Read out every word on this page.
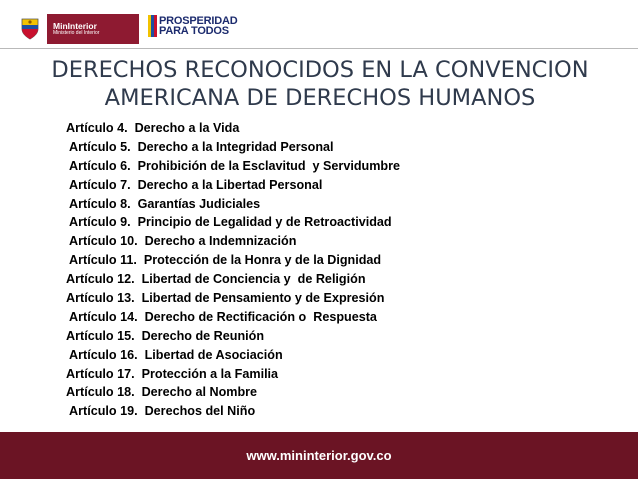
MinInterior
Ministerio del Interior
PROSPERIDAD
PARA TODOS
DERECHOS RECONOCIDOS EN LA CONVENCION
AMERICANA DE DERECHOS HUMANOS
Artículo 4.  Derecho a la Vida
Artículo 5.  Derecho a la Integridad Personal
Artículo 6.  Prohibición de la Esclavitud  y Servidumbre
Artículo 7.  Derecho a la Libertad Personal
Artículo 8.  Garantías Judiciales
Artículo 9.  Principio de Legalidad y de Retroactividad
Artículo 10.  Derecho a Indemnización
Artículo 11.  Protección de la Honra y de la Dignidad
Artículo 12.  Libertad de Conciencia y  de Religión
Artículo 13.  Libertad de Pensamiento y de Expresión
Artículo 14.  Derecho de Rectificación o  Respuesta
Artículo 15.  Derecho de Reunión
Artículo 16.  Libertad de Asociación
Artículo 17.  Protección a la Familia
Artículo 18.  Derecho al Nombre
Artículo 19.  Derechos del Niño
www.mininterior.gov.co
